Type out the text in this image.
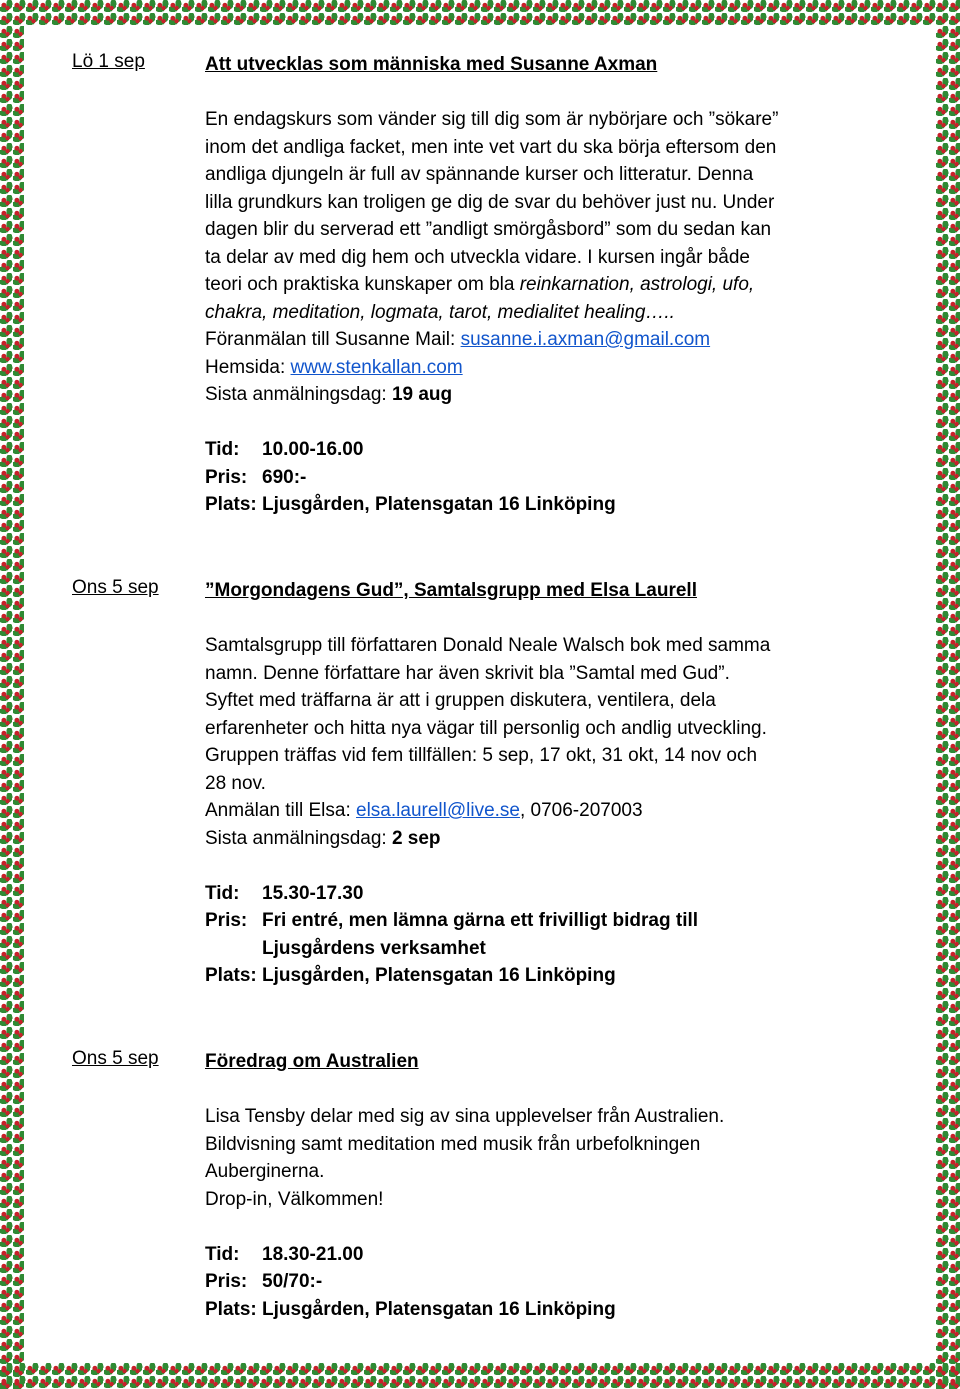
Lö 1 sep	Att utvecklas som människa med Susanne Axman

En endagskurs som vänder sig till dig som är nybörjare och ”sökare”

inom det andliga facket, men inte vet vart du ska börja eftersom den

andliga djungeln är full av spännande kurser och litteratur. Denna

lilla grundkurs kan troligen ge dig de svar du behöver just nu. Under

dagen blir du serverad ett ”andligt smörgåsbord” som du sedan kan

ta delar av med dig hem och utveckla vidare. I kursen ingår både

teori och praktiska kunskaper om bla reinkarnation, astrologi, ufo,

chakra, meditation, logmata, tarot, medialitet healing…..

Föranmälan till Susanne Mail: susanne.i.axman@gmail.com

Hemsida: www.stenkallan.com

Sista anmälningsdag: 19 aug

Tid: 10.00-16.00
Pris: 690:-
Plats: Ljusgården, Platensgatan 16 Linköping
Ons 5 sep ”Morgondagens Gud”, Samtalsgrupp med Elsa Laurell

Samtalsgrupp till författaren Donald Neale Walsch bok med samma

namn. Denne författare har även skrivit bla ”Samtal med Gud”.

Syftet med träffarna är att i gruppen diskutera, ventilera, dela

erfarenheter och hitta nya vägar till personlig och andlig utveckling.

Gruppen träffas vid fem tillfällen: 5 sep, 17 okt, 31 okt, 14 nov och

28 nov.

Anmälan till Elsa: elsa.laurell@live.se, 0706-207003

Sista anmälningsdag: 2 sep

Tid: 15.30-17.30
Pris: Fri entré, men lämna gärna ett frivilligt bidrag till
Ljusgårdens verksamhet
Plats: Ljusgården, Platensgatan 16 Linköping
Ons 5 sep Föredrag om Australien

Lisa Tensby delar med sig av sina upplevelser från Australien.

Bildvisning samt meditation med musik från urbefolkningen

Auberginerna.

Drop-in, Välkommen!

Tid: 18.30-21.00
Pris: 50/70:-
Plats: Ljusgården, Platensgatan 16 Linköping
